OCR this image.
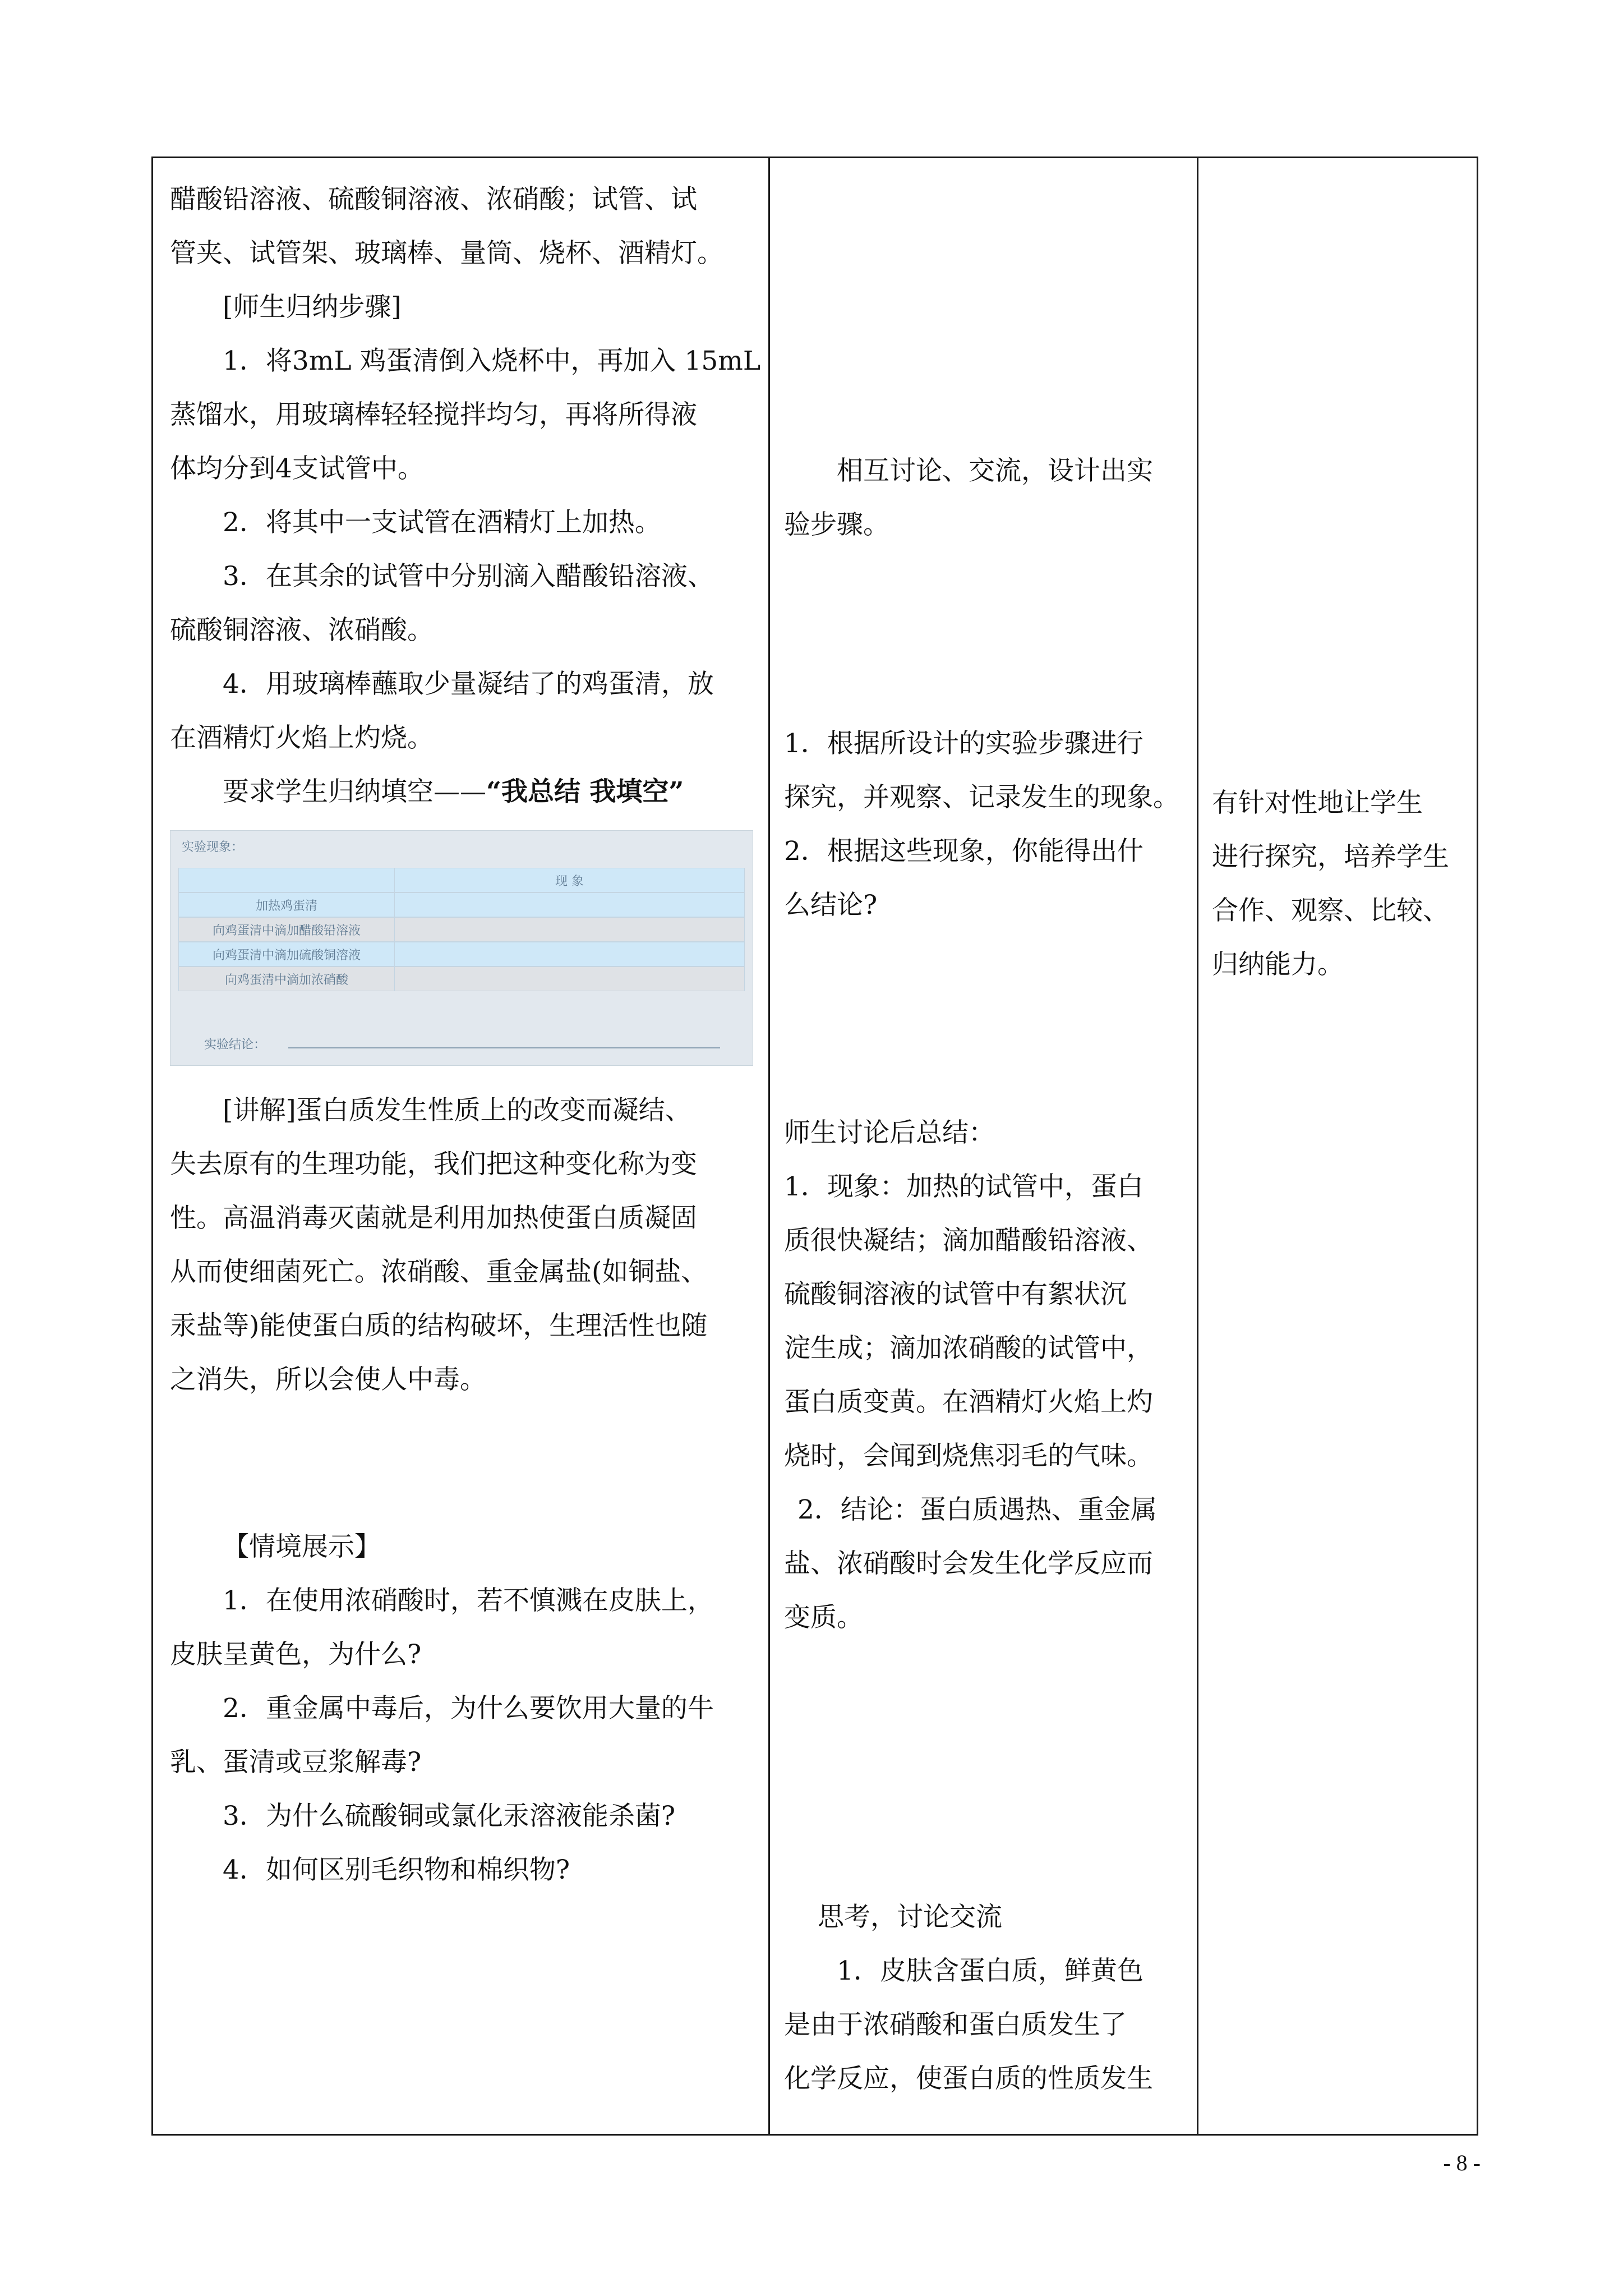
醋酸铅溶液、硫酸铜溶液、浓硝酸；试管、试
管夹、试管架、玻璃棒、量筒、烧杯、酒精灯。
[师生归纳步骤]
1．将3mL 鸡蛋清倒入烧杯中，再加入 15mL
蒸馏水，用玻璃棒轻轻搅拌均匀，再将所得液
体均分到4支试管中。
2．将其中一支试管在酒精灯上加热。
3．在其余的试管中分别滴入醋酸铅溶液、
硫酸铜溶液、浓硝酸。
4．用玻璃棒蘸取少量凝结了的鸡蛋清，放
在酒精灯火焰上灼烧。
要求学生归纳填空——“我总结 我填空”
实验现象：
现 象
加热鸡蛋清
向鸡蛋清中滴加醋酸铅溶液
向鸡蛋清中滴加硫酸铜溶液
向鸡蛋清中滴加浓硝酸
实验结论：
[讲解]蛋白质发生性质上的改变而凝结、
失去原有的生理功能，我们把这种变化称为变
性。高温消毒灭菌就是利用加热使蛋白质凝固
从而使细菌死亡。浓硝酸、重金属盐(如铜盐、
汞盐等)能使蛋白质的结构破坏，生理活性也随
之消失，所以会使人中毒。
【情境展示】
1．在使用浓硝酸时，若不慎溅在皮肤上，
皮肤呈黄色，为什么?
2．重金属中毒后，为什么要饮用大量的牛
乳、蛋清或豆浆解毒?
3．为什么硫酸铜或氯化汞溶液能杀菌?
4．如何区别毛织物和棉织物?
相互讨论、交流，设计出实
验步骤。
1．根据所设计的实验步骤进行
探究，并观察、记录发生的现象。
2．根据这些现象，你能得出什
么结论?
师生讨论后总结：
1．现象：加热的试管中，蛋白
质很快凝结；滴加醋酸铅溶液、
硫酸铜溶液的试管中有絮状沉
淀生成；滴加浓硝酸的试管中，
蛋白质变黄。在酒精灯火焰上灼
烧时，会闻到烧焦羽毛的气味。
2．结论：蛋白质遇热、重金属
盐、浓硝酸时会发生化学反应而
变质。
思考，讨论交流
1．皮肤含蛋白质，鲜黄色
是由于浓硝酸和蛋白质发生了
化学反应，使蛋白质的性质发生
有针对性地让学生
进行探究，培养学生
合作、观察、比较、
归纳能力。
- 8 -
